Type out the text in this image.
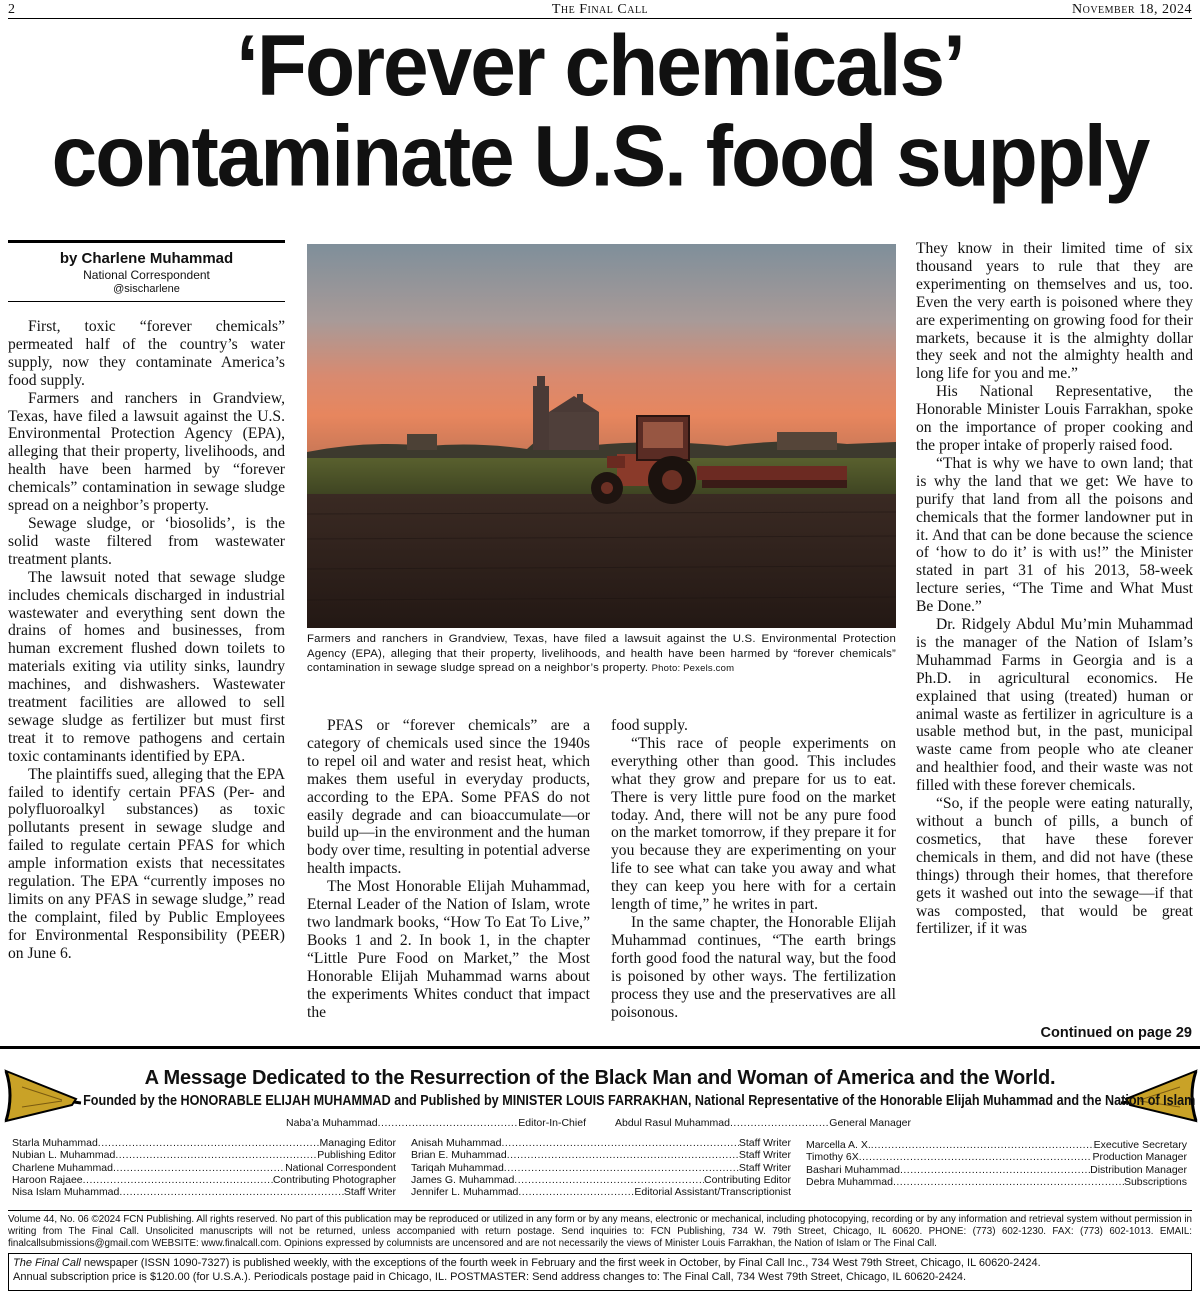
2	The Final Call	November 18, 2024
‘Forever chemicals’
contaminate U.S. food supply
by Charlene Muhammad
National Correspondent
@sischarlene

First, toxic “forever chemicals” permeated half of the country’s water supply, now they contaminate America’s food supply.

Farmers and ranchers in Grandview, Texas, have filed a lawsuit against the U.S. Environmental Protection Agency (EPA), alleging that their property, livelihoods, and health have been harmed by “forever chemicals” contamination in sewage sludge spread on a neighbor’s property.

Sewage sludge, or ‘biosolids’, is the solid waste filtered from wastewater treatment plants.

The lawsuit noted that sewage sludge includes chemicals discharged in industrial wastewater and everything sent down the drains of homes and businesses, from human excrement flushed down toilets to materials exiting via utility sinks, laundry machines, and dishwashers. Wastewater treatment facilities are allowed to sell sewage sludge as fertilizer but must first treat it to remove pathogens and certain toxic contaminants identified by EPA.

The plaintiffs sued, alleging that the EPA failed to identify certain PFAS (Per- and polyfluoroalkyl substances) as toxic pollutants present in sewage sludge and failed to regulate certain PFAS for which ample information exists that necessitates regulation. The EPA “currently imposes no limits on any PFAS in sewage sludge,” read the complaint, filed by Public Employees for Environmental Responsibility (PEER) on June 6.

Farmers and ranchers in Grandview, Texas, have filed a lawsuit against the U.S. Environmental Protection Agency (EPA), alleging that their property, livelihoods, and health have been harmed by “forever chemicals” contamination in sewage sludge spread on a neighbor’s property. Photo: Pexels.com

PFAS or “forever chemicals” are a category of chemicals used since the 1940s to repel oil and water and resist heat, which makes them useful in everyday products, according to the EPA. Some PFAS do not easily degrade and can bioaccumulate—or build up—in the environment and the human body over time, resulting in potential adverse health impacts.

The Most Honorable Elijah Muhammad, Eternal Leader of the Nation of Islam, wrote two landmark books, “How To Eat To Live,” Books 1 and 2. In book 1, in the chapter “Little Pure Food on Market,” the Most Honorable Elijah Muhammad warns about the experiments Whites conduct that impact the

food supply.

“This race of people experiments on everything other than good. This includes what they grow and prepare for us to eat. There is very little pure food on the market today. And, there will not be any pure food on the market tomorrow, if they prepare it for you because they are experimenting on your life to see what can take you away and what they can keep you here with for a certain length of time,” he writes in part.

In the same chapter, the Honorable Elijah Muhammad continues, “The earth brings forth good food the natural way, but the food is poisoned by other ways. The fertilization process they use and the preservatives are all poisonous.

They know in their limited time of six thousand years to rule that they are experimenting on themselves and us, too. Even the very earth is poisoned where they are experimenting on growing food for their markets, because it is the almighty dollar they seek and not the almighty health and long life for you and me.”

His National Representative, the Honorable Minister Louis Farrakhan, spoke on the importance of proper cooking and the proper intake of properly raised food.

“That is why we have to own land; that is why the land that we get: We have to purify that land from all the poisons and chemicals that the former landowner put in it. And that can be done because the science of ‘how to do it’ is with us!” the Minister stated in part 31 of his 2013, 58-week lecture series, “The Time and What Must Be Done.”

Dr. Ridgely Abdul Mu’min Muhammad is the manager of the Nation of Islam’s Muhammad Farms in Georgia and is a Ph.D. in agricultural economics. He explained that using (treated) human or animal waste as fertilizer in agriculture is a usable method but, in the past, municipal waste came from people who ate cleaner and healthier food, and their waste was not filled with these forever chemicals.

“So, if the people were eating naturally, without a bunch of pills, a bunch of cosmetics, that have these forever chemicals in them, and did not have (these things) through their homes, that therefore gets it washed out into the sewage—if that was composted, that would be great fertilizer, if it was

Continued on page 29
A Message Dedicated to the Resurrection of the Black Man and Woman of America and the World.
Founded by the HONORABLE ELIJAH MUHAMMAD and Published by MINISTER LOUIS FARRAKHAN, National Representative of the Honorable Elijah Muhammad and the Nation of Islam
Naba’a Muhammad .....	Editor-In-Chief	Abdul Rasul Muhammad .....	General Manager
Starla Muhammad .....	Managing Editor
Nubian L. Muhammad .....	Publishing Editor
Charlene Muhammad .....	National Correspondent
Haroon Rajaee .....	Contributing Photographer
Nisa Islam Muhammad .....	Staff Writer
Anisah Muhammad .....	Staff Writer
Brian E. Muhammad .....	Staff Writer
Tariqah Muhammad .....	Staff Writer
James G. Muhammad .....	Contributing Editor
Jennifer L. Muhammad .....	Editorial Assistant/Transcriptionist
Marcella A. X. .....	Executive Secretary
Timothy 6X .....	Production Manager
Bashari Muhammad .....	Distribution Manager
Debra Muhammad .....	Subscriptions
Volume 44, No. 06 ©2024 FCN Publishing. All rights reserved. No part of this publication may be reproduced or utilized in any form or by any means, electronic or mechanical, including photocopying, recording or by any information and retrieval system without permission in writing from The Final Call. Unsolicited manuscripts will not be returned, unless accompanied with return postage. Send inquiries to: FCN Publishing, 734 W. 79th Street, Chicago, IL 60620. PHONE: (773) 602-1230. FAX: (773) 602-1013. EMAIL: finalcallsubmissions@gmail.com WEBSITE: www.finalcall.com. Opinions expressed by columnists are uncensored and are not necessarily the views of Minister Louis Farrakhan, the Nation of Islam or The Final Call.
The Final Call newspaper (ISSN 1090-7327) is published weekly, with the exceptions of the fourth week in February and the first week in October, by Final Call Inc., 734 West 79th Street, Chicago, IL 60620-2424.
Annual subscription price is $120.00 (for U.S.A.). Periodicals postage paid in Chicago, IL. POSTMASTER: Send address changes to: The Final Call, 734 West 79th Street, Chicago, IL 60620-2424.
